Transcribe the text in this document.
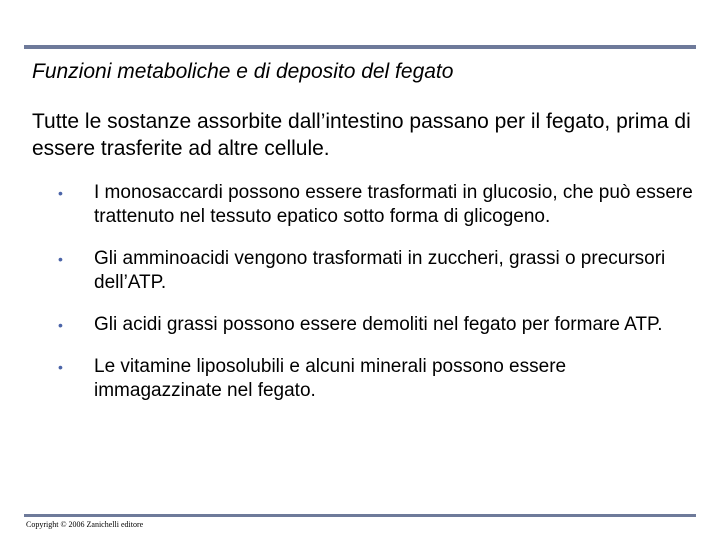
Funzioni metaboliche e di deposito del fegato
Tutte le sostanze assorbite dall’intestino passano per il fegato, prima di essere trasferite ad altre cellule.
• I monosaccardi possono essere trasformati in glucosio, che può essere trattenuto nel tessuto epatico sotto forma di glicogeno.
• Gli amminoacidi vengono trasformati in zuccheri, grassi o precursori dell’ATP.
• Gli acidi grassi possono essere demoliti nel fegato per formare ATP.
• Le vitamine liposolubili e alcuni minerali possono essere immagazzinate nel fegato.
Copyright © 2006 Zanichelli editore
